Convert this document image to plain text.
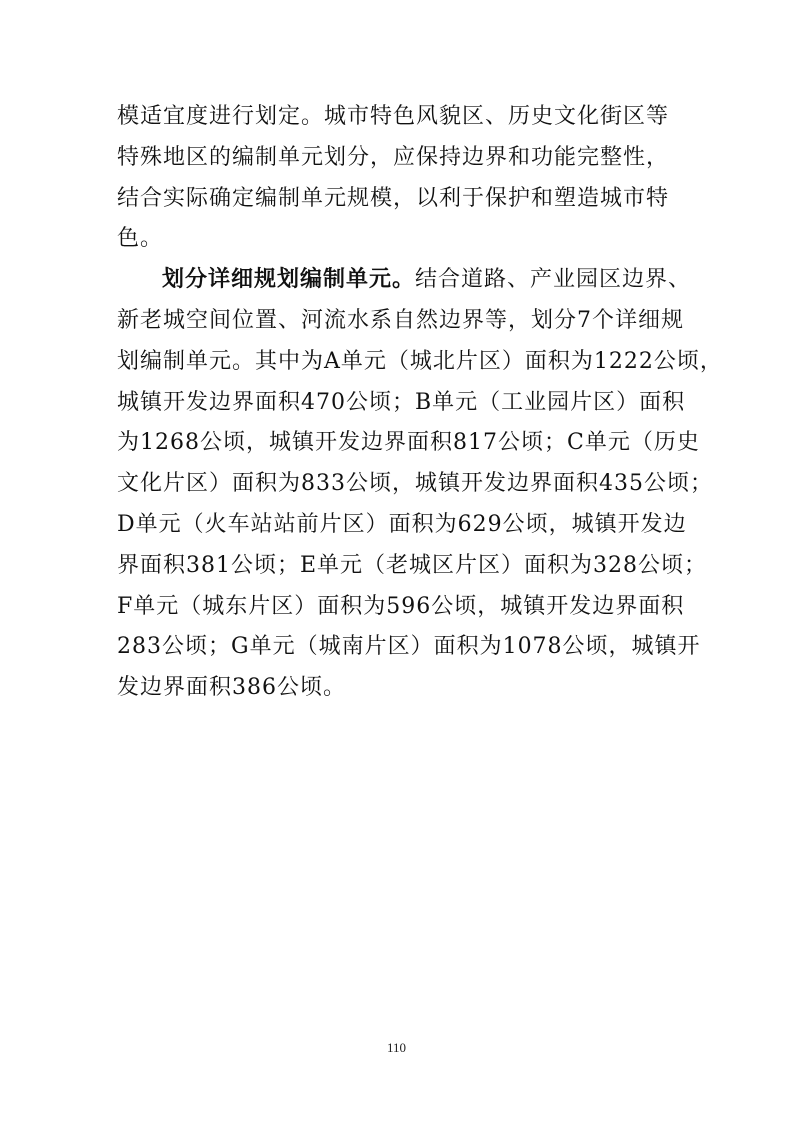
模适宜度进行划定。城市特色风貌区、历史文化街区等
特殊地区的编制单元划分，应保持边界和功能完整性，
结合实际确定编制单元规模，以利于保护和塑造城市特
色。
划分详细规划编制单元。结合道路、产业园区边界、
新老城空间位置、河流水系自然边界等，划分7个详细规
划编制单元。其中为A单元（城北片区）面积为1222公顷，
城镇开发边界面积470公顷；B单元（工业园片区）面积
为1268公顷，城镇开发边界面积817公顷；C单元（历史
文化片区）面积为833公顷，城镇开发边界面积435公顷；
D单元（火车站站前片区）面积为629公顷，城镇开发边
界面积381公顷；E单元（老城区片区）面积为328公顷；
F单元（城东片区）面积为596公顷，城镇开发边界面积
283公顷；G单元（城南片区）面积为1078公顷，城镇开
发边界面积386公顷。
110
